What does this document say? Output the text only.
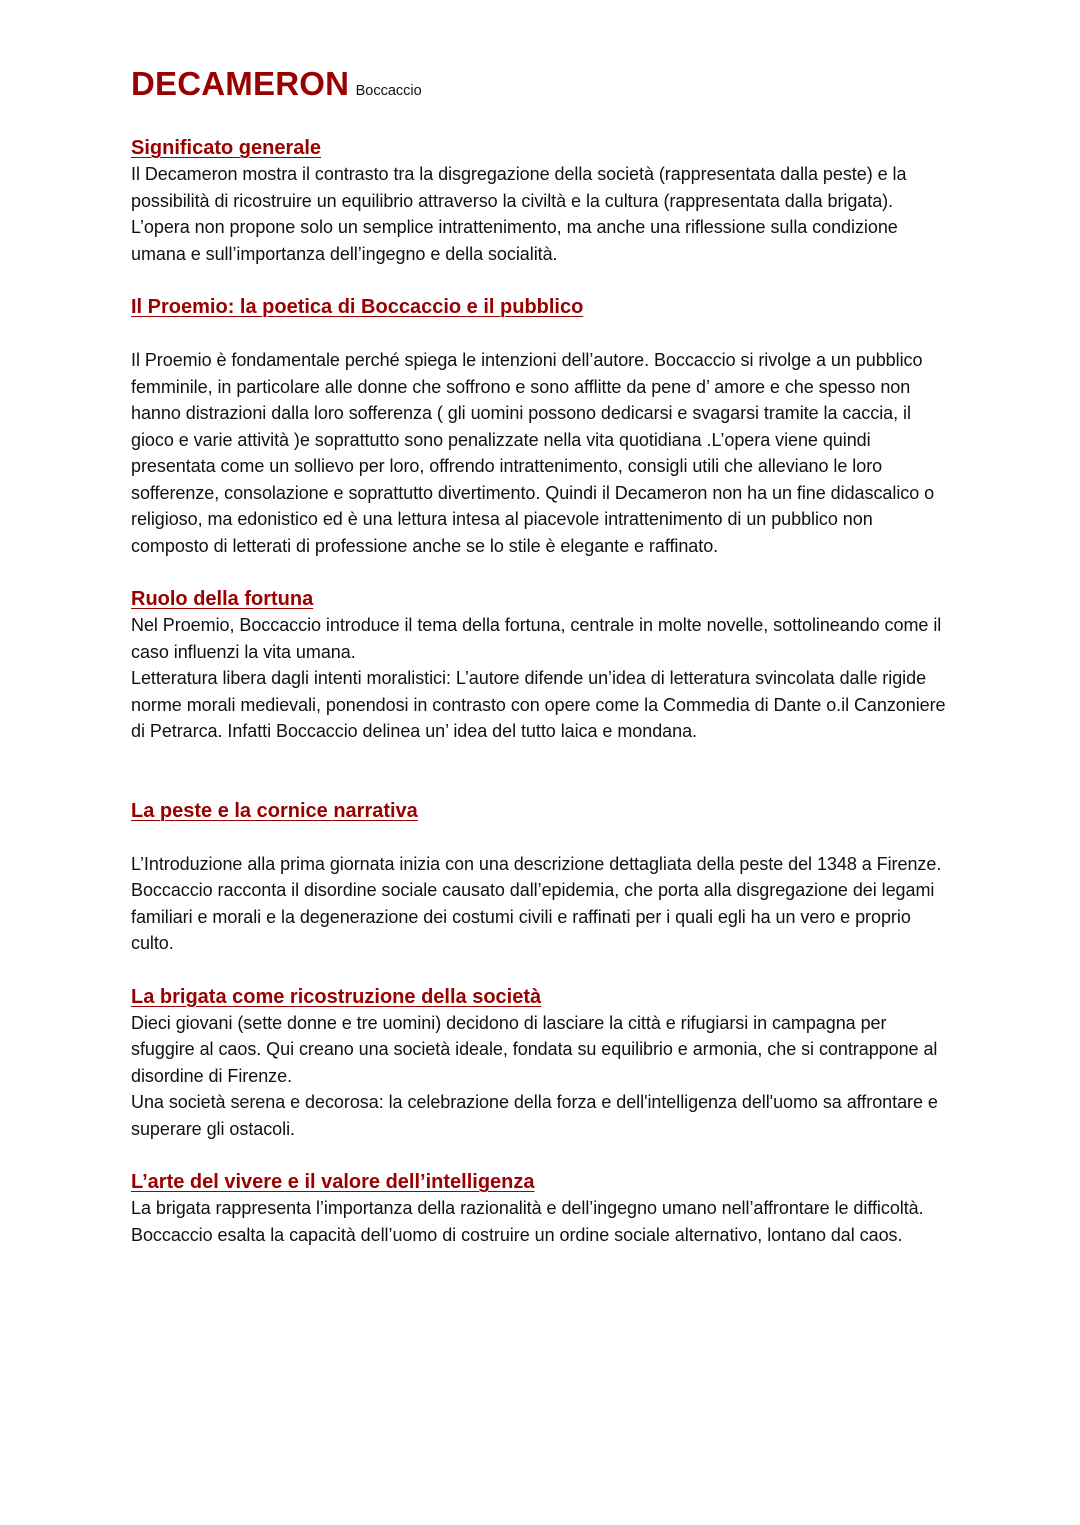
DECAMERON Boccaccio
Significato generale

Il Decameron mostra il contrasto tra la disgregazione della società (rappresentata dalla peste) e la possibilità di ricostruire un equilibrio attraverso la civiltà e la cultura (rappresentata dalla brigata). L’opera non propone solo un semplice intrattenimento, ma anche una riflessione sulla condizione umana e sull’importanza dell’ingegno e della socialità.

Il Proemio: la poetica di Boccaccio e il pubblico

Il Proemio è fondamentale perché spiega le intenzioni dell’autore. Boccaccio si rivolge a un pubblico femminile, in particolare alle donne che soffrono e sono afflitte da pene d’ amore e che spesso non hanno distrazioni dalla loro sofferenza ( gli uomini possono dedicarsi e svagarsi tramite la caccia, il gioco e varie attività )e soprattutto sono penalizzate nella vita quotidiana .L’opera viene quindi presentata come un sollievo per loro, offrendo intrattenimento, consigli utili che alleviano le loro sofferenze, consolazione e soprattutto divertimento. Quindi il Decameron non ha un fine didascalico o religioso, ma edonistico ed è una lettura intesa al piacevole intrattenimento di un pubblico non composto di letterati di professione anche se lo stile è elegante e raffinato.

Ruolo della fortuna

Nel Proemio, Boccaccio introduce il tema della fortuna, centrale in molte novelle, sottolineando come il caso influenzi la vita umana.

Letteratura libera dagli intenti moralistici: L’autore difende un’idea di letteratura svincolata dalle rigide norme morali medievali, ponendosi in contrasto con opere come la Commedia di Dante o.il Canzoniere di Petrarca. Infatti Boccaccio delinea un’ idea del tutto laica e mondana.

La peste e la cornice narrativa

L’Introduzione alla prima giornata inizia con una descrizione dettagliata della peste del 1348 a Firenze. Boccaccio racconta il disordine sociale causato dall’epidemia, che porta alla disgregazione dei legami familiari e morali e la degenerazione dei costumi civili e raffinati per i quali egli ha un vero e proprio culto.

La brigata come ricostruzione della società

Dieci giovani (sette donne e tre uomini) decidono di lasciare la città e rifugiarsi in campagna per sfuggire al caos. Qui creano una società ideale, fondata su equilibrio e armonia, che si contrappone al disordine di Firenze.

Una società serena e decorosa: la celebrazione della forza e dell'intelligenza dell'uomo sa affrontare e superare gli ostacoli.

L’arte del vivere e il valore dell’intelligenza

La brigata rappresenta l’importanza della razionalità e dell’ingegno umano nell’affrontare le difficoltà. Boccaccio esalta la capacità dell’uomo di costruire un ordine sociale alternativo, lontano dal caos.
